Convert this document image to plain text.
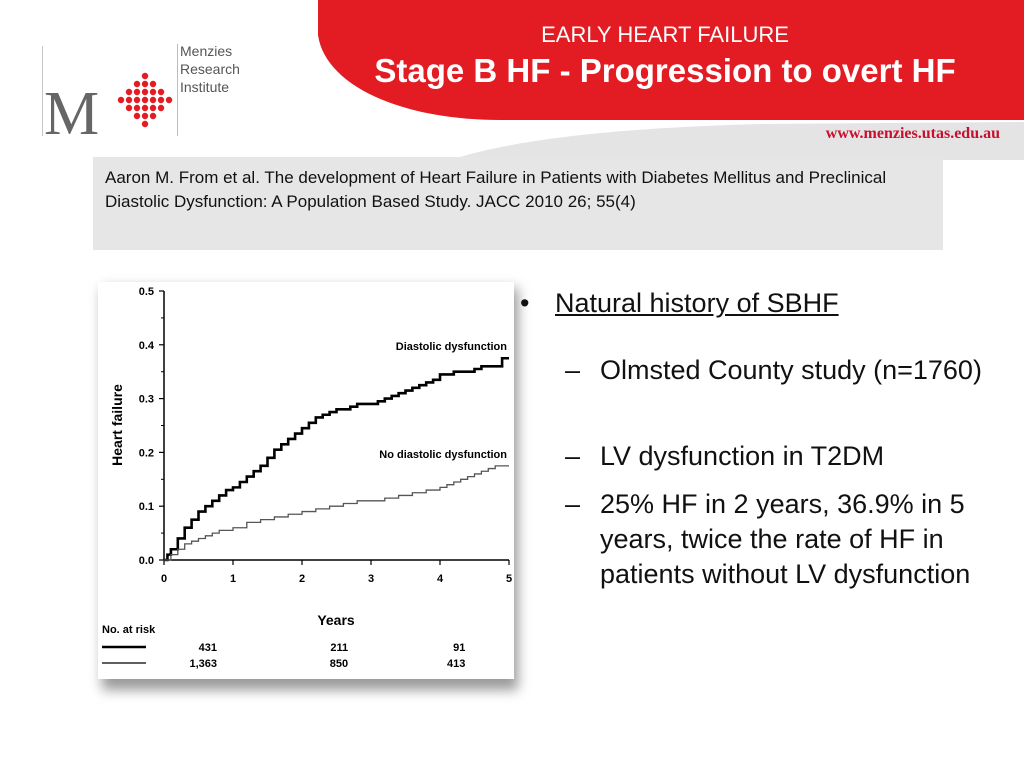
M
Menzies
Research
Institute
EARLY HEART FAILURE
Stage B HF - Progression to overt HF
www.menzies.utas.edu.au
Aaron M. From et al. The development of Heart Failure in Patients with Diabetes Mellitus and Preclinical Diastolic Dysfunction: A Population Based Study. JACC 2010 26; 55(4)
0.0
0.1
0.2
0.3
0.4
0.5
0	1	2	3	4	5
Years
Heart failure
Diastolic dysfunction
No diastolic dysfunction
No. at risk
431	211	91
1,363	850	413
• Natural history of SBHF
– Olmsted County study (n=1760)
– LV dysfunction in T2DM
– 25% HF in 2 years, 36.9% in 5 years, twice the rate of HF in patients without LV dysfunction
